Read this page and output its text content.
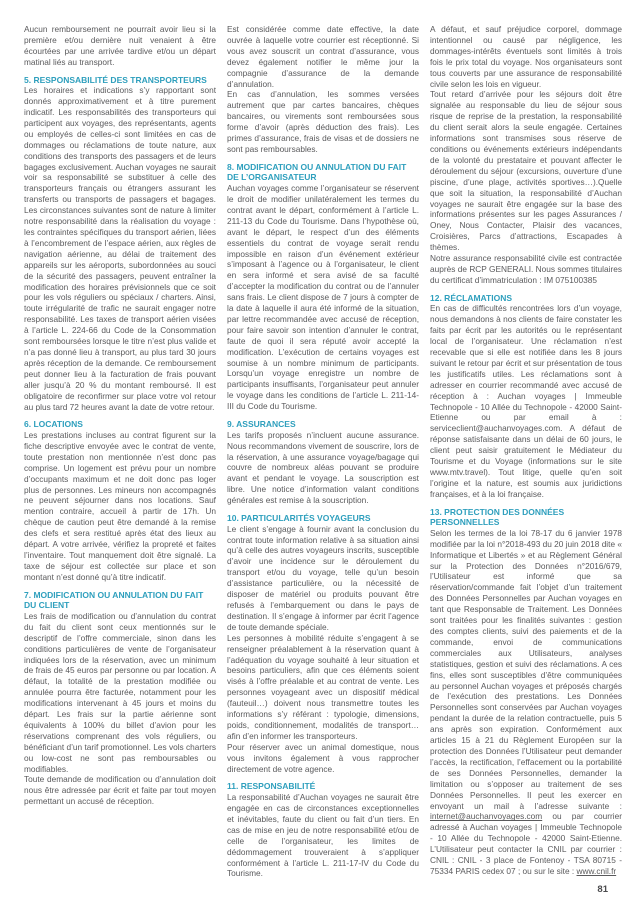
Aucun remboursement ne pourrait avoir lieu si la première et/ou dernière nuit venaient à être écourtées par une arrivée tardive et/ou un départ matinal liés au transport.

5. RESPONSABILITÉ DES TRANSPORTEURS

Les horaires et indications s’y rapportant sont donnés approximativement et à titre purement indicatif. Les responsabilités des transporteurs qui participent aux voyages, des représentants, agents ou employés de celles-ci sont limitées en cas de dommages ou réclamations de toute nature, aux conditions des transports des passagers et de leurs bagages exclusivement. Auchan voyages ne saurait voir sa responsabilité se substituer à celle des transporteurs français ou étrangers assurant les transferts ou transports de passagers et bagages. Les circonstances suivantes sont de nature à limiter notre responsabilité dans la réalisation du voyage : les contraintes spécifiques du transport aérien, liées à l’encombrement de l’espace aérien, aux règles de navigation aérienne, au délai de traitement des appareils sur les aéroports, subordonnées au souci de la sécurité des passagers, peuvent entraîner la modification des horaires prévisionnels que ce soit pour les vols réguliers ou spéciaux / charters. Ainsi, toute irrégularité de trafic ne saurait engager notre responsabilité. Les taxes de transport aérien visées à l’article L. 224-66 du Code de la Consommation sont remboursées lorsque le titre n’est plus valide et n’a pas donné lieu à transport, au plus tard 30 jours après réception de la demande. Ce remboursement peut donner lieu à la facturation de frais pouvant aller jusqu’à 20 % du montant remboursé. Il est obligatoire de reconfirmer sur place votre vol retour au plus tard 72 heures avant la date de votre retour.

6. LOCATIONS

Les prestations incluses au contrat figurent sur la fiche descriptive envoyée avec le contrat de vente, toute prestation non mentionnée n’est donc pas comprise. Un logement est prévu pour un nombre d’occupants maximum et ne doit donc pas loger plus de personnes. Les mineurs non accompagnés ne peuvent séjourner dans nos locations. Sauf mention contraire, accueil à partir de 17h. Un chèque de caution peut être demandé à la remise des clefs et sera restitué après état des lieux au départ. A votre arrivée, vérifiez la propreté et faites l’inventaire. Tout manquement doit être signalé. La taxe de séjour est collectée sur place et son montant n’est donné qu’à titre indicatif.

7. MODIFICATION OU ANNULATION DU FAIT DU CLIENT

Les frais de modification ou d’annulation du contrat du fait du client sont ceux mentionnés sur le descriptif de l’offre commerciale, sinon dans les conditions particulières de vente de l’organisateur indiquées lors de la réservation, avec un minimum de frais de 45 euros par personne ou par location. A défaut, la totalité de la prestation modifiée ou annulée pourra être facturée, notamment pour les modifications intervenant à 45 jours et moins du départ. Les frais sur la partie aérienne sont équivalents à 100% du billet d’avion pour les réservations comprenant des vols réguliers, ou bénéficiant d’un tarif promotionnel. Les vols charters ou low-cost ne sont pas remboursables ou modifiables.

Toute demande de modification ou d’annulation doit nous être adressée par écrit et faite par tout moyen permettant un accusé de réception.

Est considérée comme date effective, la date ouvrée à laquelle votre courrier est réceptionné. Si vous avez souscrit un contrat d’assurance, vous devez également notifier le même jour la compagnie d’assurance de la demande d’annulation.

En cas d’annulation, les sommes versées autrement que par cartes bancaires, chèques bancaires, ou virements sont remboursées sous forme d’avoir (après déduction des frais). Les primes d’assurance, frais de visas et de dossiers ne sont pas remboursables.

8. MODIFICATION OU ANNULATION DU FAIT DE L’ORGANISATEUR

Auchan voyages comme l’organisateur se réservent le droit de modifier unilatéralement les termes du contrat avant le départ, conformément à l’article L. 211-13 du Code du Tourisme. Dans l’hypothèse où, avant le départ, le respect d’un des éléments essentiels du contrat de voyage serait rendu impossible en raison d’un événement extérieur s’imposant à l’agence ou à l’organisateur, le client en sera informé et sera avisé de sa faculté d’accepter la modification du contrat ou de l’annuler sans frais. Le client dispose de 7 jours à compter de la date à laquelle il aura été informé de la situation, par lettre recommandée avec accusé de réception, pour faire savoir son intention d’annuler le contrat, faute de quoi il sera réputé avoir accepté la modification. L’exécution de certains voyages est soumise à un nombre minimum de participants. Lorsqu’un voyage enregistre un nombre de participants insuffisants, l’organisateur peut annuler le voyage dans les conditions de l’article L. 211-14-III du Code du Tourisme.

9. ASSURANCES

Les tarifs proposés n’incluent aucune assurance. Nous recommandons vivement de souscrire, lors de la réservation, à une assurance voyage/bagage qui couvre de nombreux aléas pouvant se produire avant et pendant le voyage. La souscription est libre. Une notice d’information valant conditions générales est remise à la souscription.

10. PARTICULARITÉS VOYAGEURS

Le client s’engage à fournir avant la conclusion du contrat toute information relative à sa situation ainsi qu’à celle des autres voyageurs inscrits, susceptible d’avoir une incidence sur le déroulement du transport et/ou du voyage, telle qu’un besoin d’assistance particulière, ou la nécessité de disposer de matériel ou produits pouvant être refusés à l’embarquement ou dans le pays de destination. Il s’engage à informer par écrit l’agence de toute demande spéciale.

Les personnes à mobilité réduite s’engagent à se renseigner préalablement à la réservation quant à l’adéquation du voyage souhaité à leur situation et besoins particuliers, afin que ces éléments soient visés à l’offre préalable et au contrat de vente. Les personnes voyageant avec un dispositif médical (fauteuil…) doivent nous transmettre toutes les informations s’y référant : typologie, dimensions, poids, conditionnement, modalités de transport… afin d’en informer les transporteurs.

Pour réserver avec un animal domestique, nous vous invitons également à vous rapprocher directement de votre agence.

11. RESPONSABILITÉ

La responsabilité d’Auchan voyages ne saurait être engagée en cas de circonstances exceptionnelles et inévitables, faute du client ou fait d’un tiers. En cas de mise en jeu de notre responsabilité et/ou de celle de l’organisateur, les limites de dédommagement trouveraient à s’appliquer conformément à l’article L. 211-17-IV du Code du Tourisme.

A défaut, et sauf préjudice corporel, dommage intentionnel ou causé par négligence, les dommages-intérêts éventuels sont limités à trois fois le prix total du voyage. Nos organisateurs sont tous couverts par une assurance de responsabilité civile selon les lois en vigueur.

Tout retard d’arrivée pour les séjours doit être signalée au responsable du lieu de séjour sous risque de reprise de la prestation, la responsabilité du client serait alors la seule engagée. Certaines informations sont transmises sous réserve de conditions ou événements extérieurs indépendants de la volonté du prestataire et pouvant affecter le déroulement du séjour (excursions, ouverture d’une piscine, d’une plage, activités sportives…).Quelle que soit la situation, la responsabilité d’Auchan voyages ne saurait être engagée sur la base des informations présentes sur les pages Assurances / Oney, Nous Contacter, Plaisir des vacances, Croisières, Parcs d’attractions, Escapades à thèmes.

Notre assurance responsabilité civile est contractée auprès de RCP GENERALI. Nous sommes titulaires du certificat d’immatriculation : IM 075100385

12. RÉCLAMATIONS

En cas de difficultés rencontrées lors d’un voyage, nous demandons à nos clients de faire constater les faits par écrit par les autorités ou le représentant local de l’organisateur. Une réclamation n’est recevable que si elle est notifiée dans les 8 jours suivant le retour par écrit et sur présentation de tous les justificatifs utiles. Les réclamations sont à adresser en courrier recommandé avec accusé de réception à : Auchan voyages | Immeuble Technopole - 10 Allée du Technopole - 42000 Saint-Etienne ou par email à : serviceclient@auchanvoyages.com. A défaut de réponse satisfaisante dans un délai de 60 jours, le client peut saisir gratuitement le Médiateur du Tourisme et du Voyage (informations sur le site www.mtv.travel). Tout litige, quelle qu’en soit l’origine et la nature, est soumis aux juridictions françaises, et à la loi française.

13. PROTECTION DES DONNÉES PERSONNELLES

Selon les termes de la loi 78-17 du 6 janvier 1978 modifiée par la loi n°2018-493 du 20 juin 2018 dite « Informatique et Libertés » et au Règlement Général sur la Protection des Données n°2016/679, l’Utilisateur est informé que sa réservation/commande fait l’objet d’un traitement des Données Personnelles par Auchan voyages en tant que Responsable de Traitement. Les Données sont traitées pour les finalités suivantes : gestion des comptes clients, suivi des paiements et de la commande, envoi de communications commerciales aux Utilisateurs, analyses statistiques, gestion et suivi des réclamations. A ces fins, elles sont susceptibles d’être communiquées au personnel Auchan voyages et préposés chargés de l’exécution des prestations. Les Données Personnelles sont conservées par Auchan voyages pendant la durée de la relation contractuelle, puis 5 ans après son expiration. Conformément aux articles 15 à 21 du Règlement Européen sur la protection des Données l’Utilisateur peut demander l’accès, la rectification, l’effacement ou la portabilité de ses Données Personnelles, demander la limitation ou s’opposer au traitement de ses Données Personnelles. Il peut les exercer en envoyant un mail à l’adresse suivante : internet@auchanvoyages.com ou par courrier adressé à Auchan voyages | Immeuble Technopole - 10 Allée du Technopole - 42000 Saint-Etienne. L’Utilisateur peut contacter la CNIL par courrier : CNIL : CNIL - 3 place de Fontenoy - TSA 80715 - 75334 PARIS cedex 07 ; ou sur le site : www.cnil.fr

81
